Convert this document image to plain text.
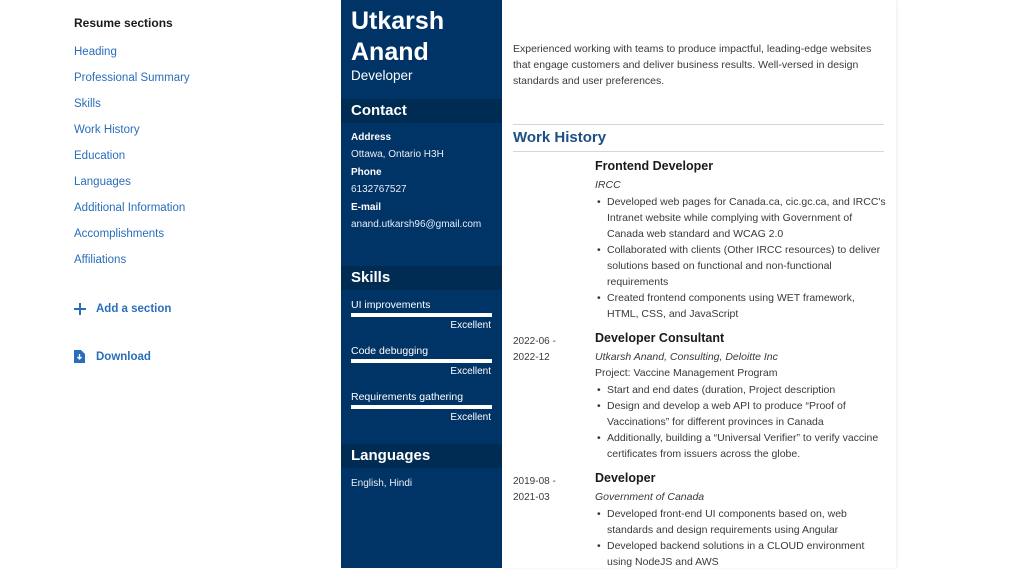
Resume sections
Heading
Professional Summary
Skills
Work History
Education
Languages
Additional Information
Accomplishments
Affiliations
Add a section
Download
Utkarsh Anand
Developer
Contact
Address
Ottawa, Ontario H3H
Phone
6132767527
E-mail
anand.utkarsh96@gmail.com
Skills
UI improvements
Excellent
Code debugging
Excellent
Requirements gathering
Excellent
Languages
English, Hindi
Experienced working with teams to produce impactful, leading-edge websites that engage customers and deliver business results. Well-versed in design standards and user preferences.
Work History
Frontend Developer
IRCC
• Developed web pages for Canada.ca, cic.gc.ca, and IRCC's Intranet website while complying with Government of Canada web standard and WCAG 2.0
• Collaborated with clients (Other IRCC resources) to deliver solutions based on functional and non-functional requirements
• Created frontend components using WET framework, HTML, CSS, and JavaScript
2022-06 - 2022-12
Developer Consultant
Utkarsh Anand, Consulting, Deloitte Inc
Project: Vaccine Management Program
• Start and end dates (duration, Project description
• Design and develop a web API to produce “Proof of Vaccinations” for different provinces in Canada
• Additionally, building a “Universal Verifier” to verify vaccine certificates from issuers across the globe.
2019-08 - 2021-03
Developer
Government of Canada
• Developed front-end UI components based on, web standards and design requirements using Angular
• Developed backend solutions in a CLOUD environment using NodeJS and AWS
